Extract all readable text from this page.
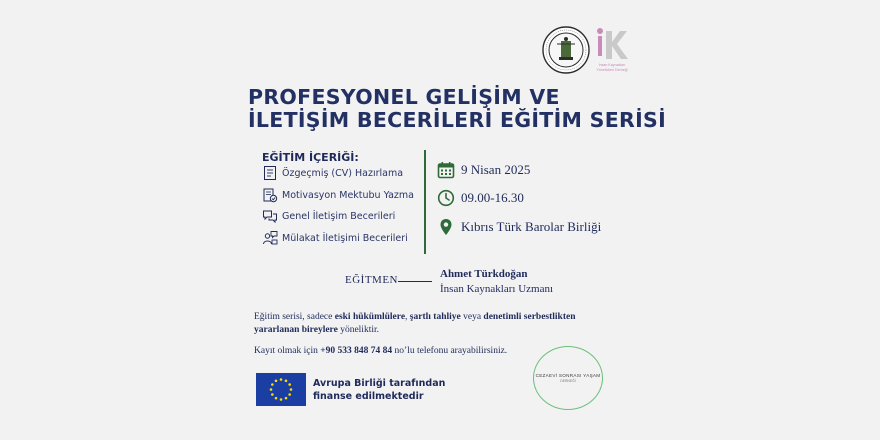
İnsan Kaynakları
Yöneticileri Derneği
PROFESYONEL GELİŞİM VE
İLETİŞİM BECERİLERİ EĞİTİM SERİSİ
EĞİTİM İÇERİĞİ:
Özgeçmiş (CV) Hazırlama
Motivasyon Mektubu Yazma
Genel İletişim Becerileri
Mülakat İletişimi Becerileri
9 Nisan 2025
09.00-16.30
Kıbrıs Türk Barolar Birliği
EĞİTMEN	Ahmet Türkdoğan
İnsan Kaynakları Uzmanı
Eğitim serisi, sadece eski hükümlülere, şartlı tahliye veya denetimli serbestlikten yararlanan bireylere yöneliktir.
Kayıt olmak için +90 533 848 74 84 no’lu telefonu arayabilirsiniz.
Avrupa Birliği tarafından
finanse edilmektedir
CEZAEVİ SONRASI YAŞAM
DERNEĞİ
